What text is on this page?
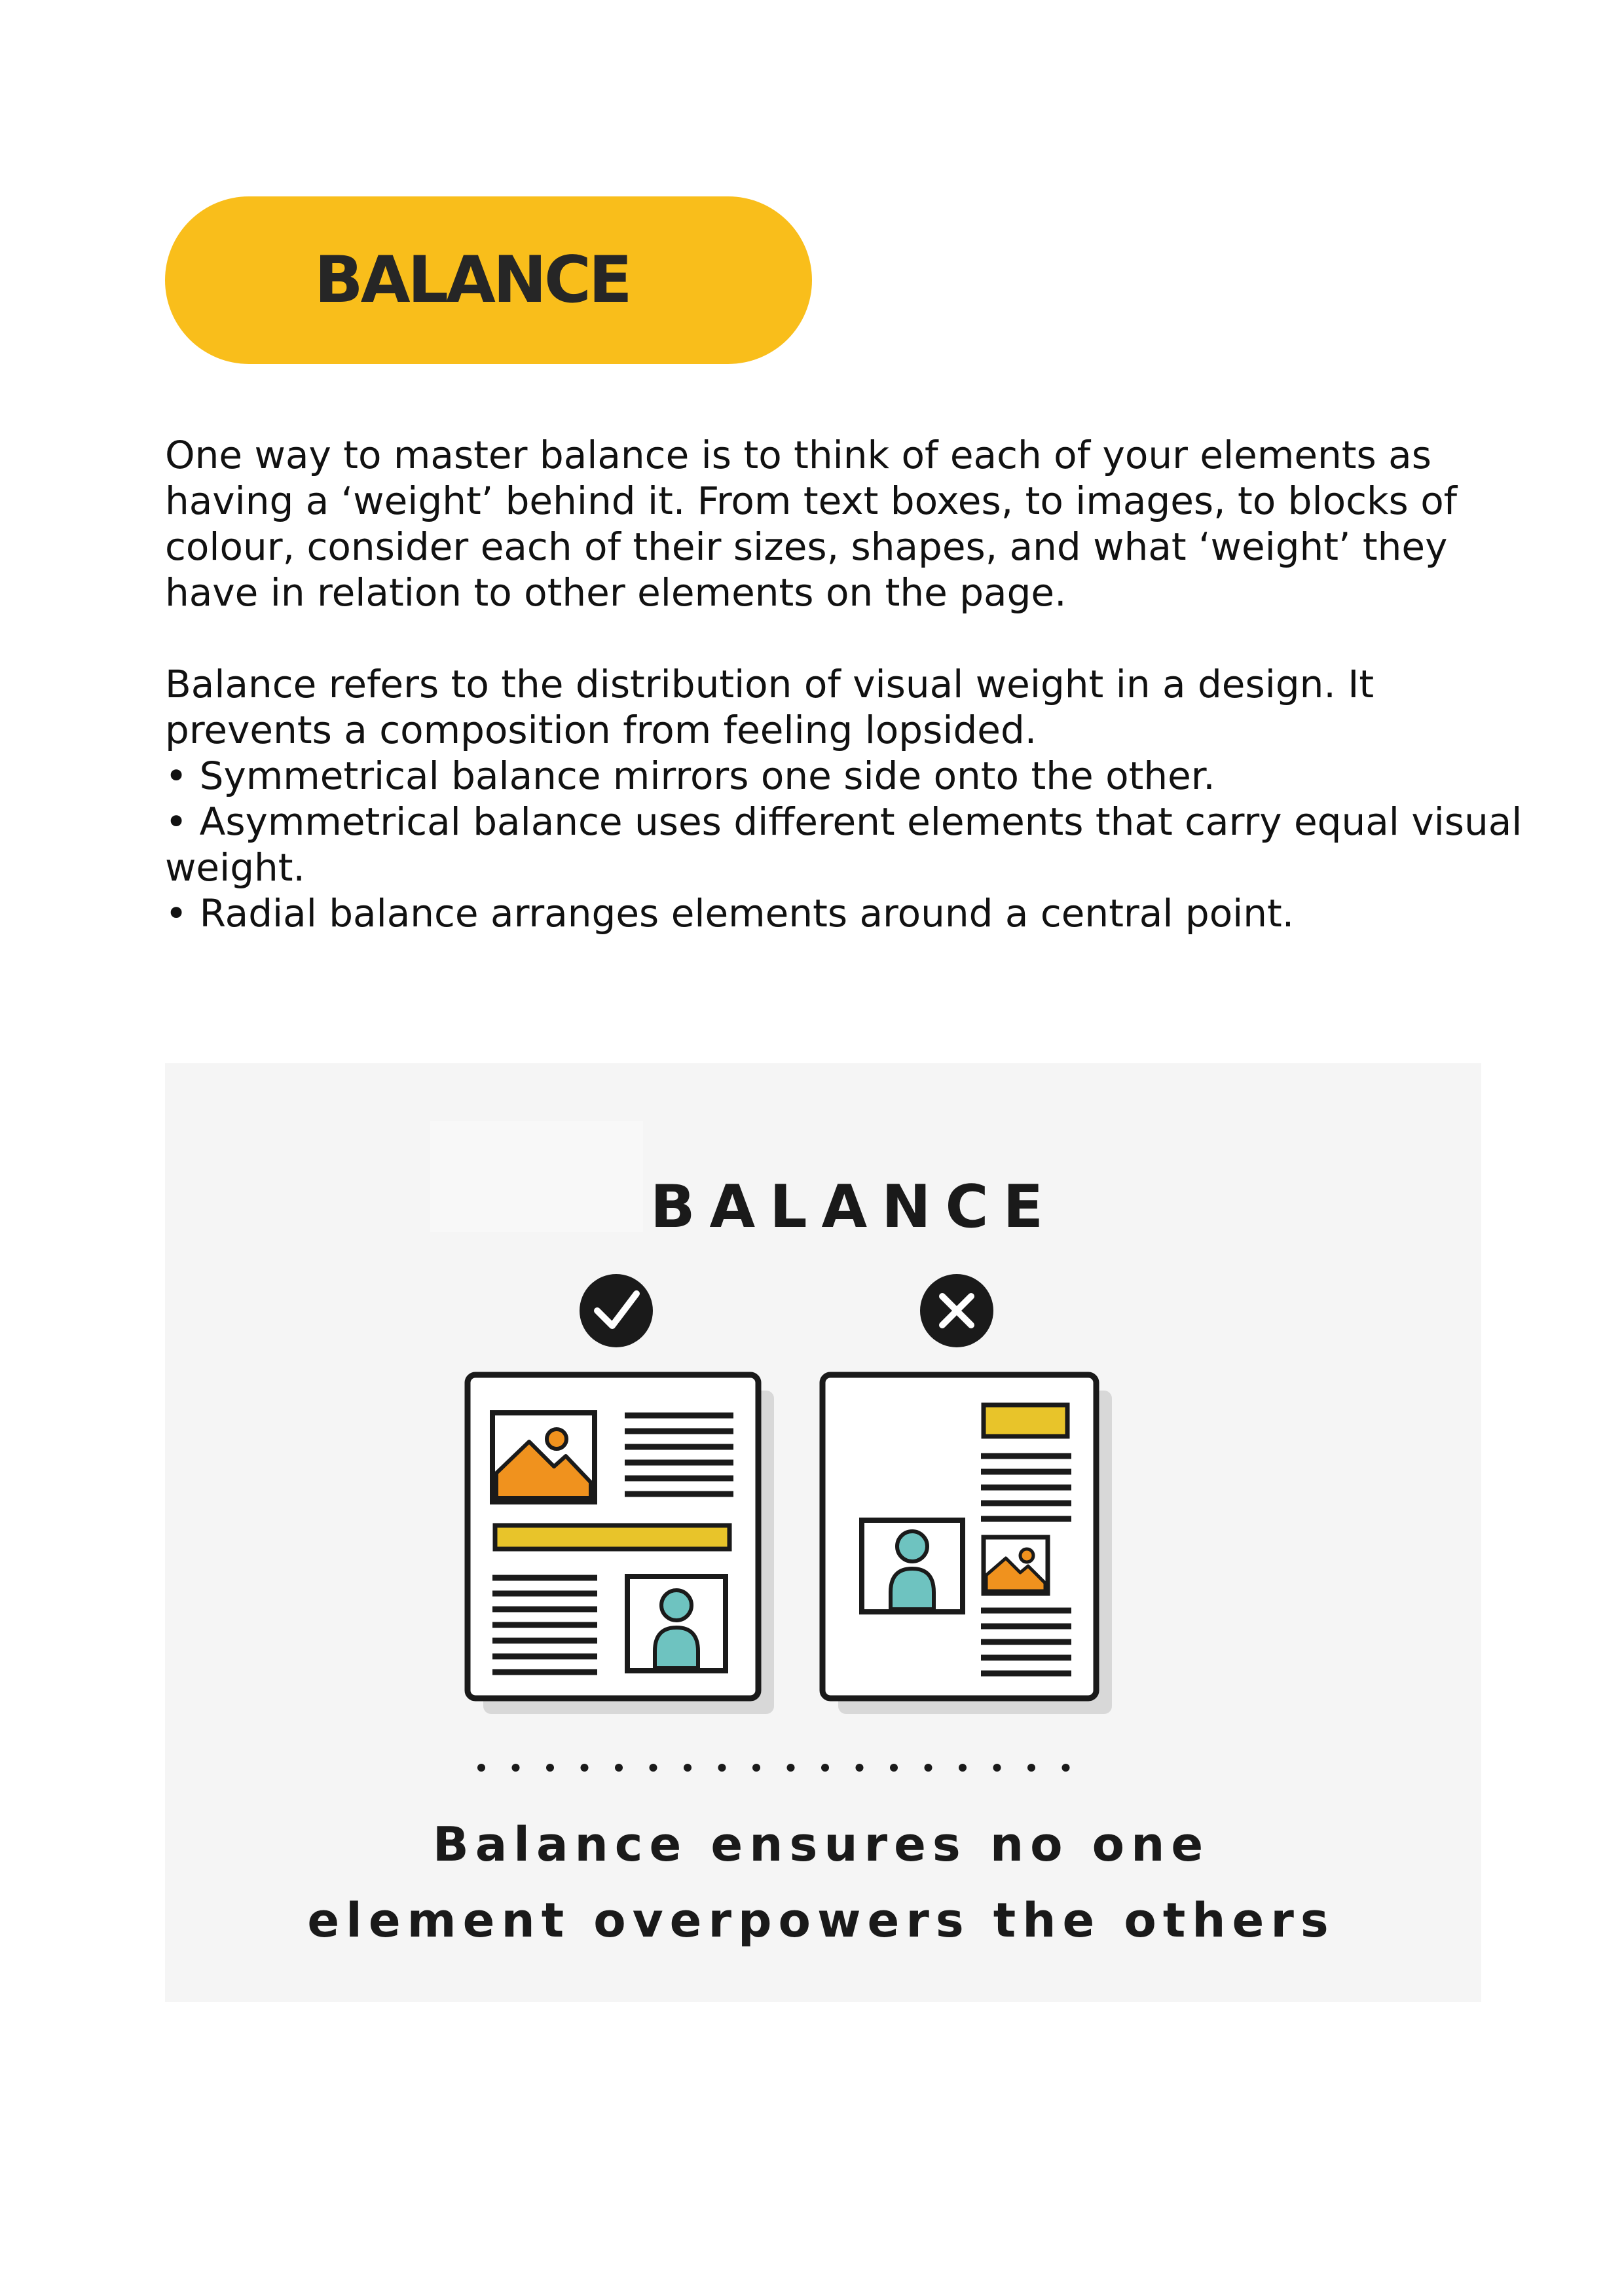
BALANCE

One way to master balance is to think of each of your elements as having a ‘weight’ behind it. From text boxes, to images, to blocks of colour, consider each of their sizes, shapes, and what ‘weight’ they have in relation to other elements on the page.

Balance refers to the distribution of visual weight in a design. It prevents a composition from feeling lopsided.

• Symmetrical balance mirrors one side onto the other.
• Asymmetrical balance uses different elements that carry equal visual weight.
• Radial balance arranges elements around a central point.
BALANCE
Balance ensures no one
element overpowers the others
